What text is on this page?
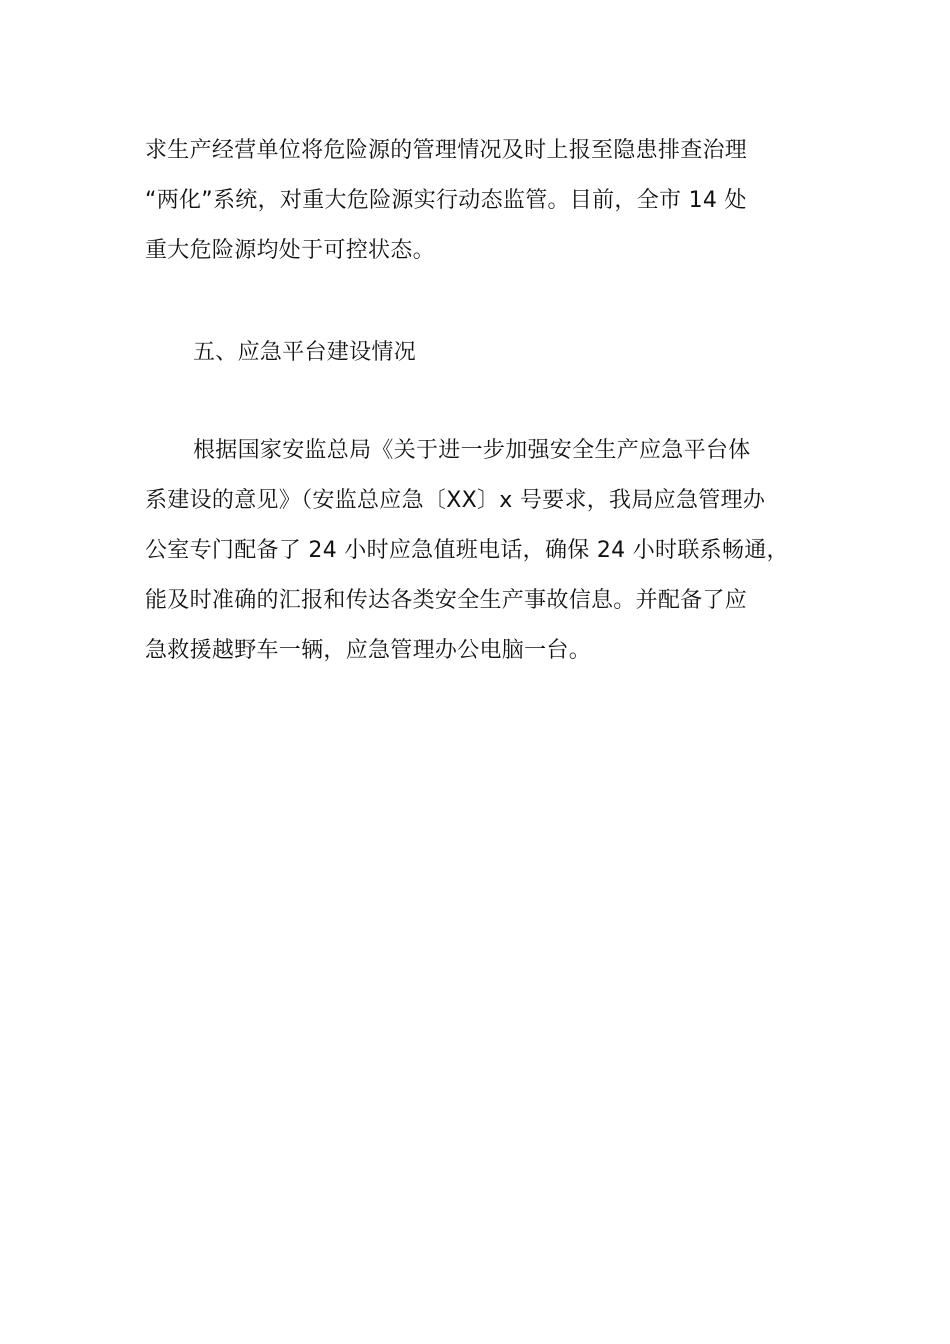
求生产经营单位将危险源的管理情况及时上报至隐患排查治理
“两化”系统，对重大危险源实行动态监管。目前，全市 14 处
重大危险源均处于可控状态。
五、应急平台建设情况
根据国家安监总局《关于进一步加强安全生产应急平台体
系建设的意见》（安监总应急〔XX〕x 号要求，我局应急管理办
公室专门配备了 24 小时应急值班电话，确保 24 小时联系畅通，
能及时准确的汇报和传达各类安全生产事故信息。并配备了应
急救援越野车一辆，应急管理办公电脑一台。
